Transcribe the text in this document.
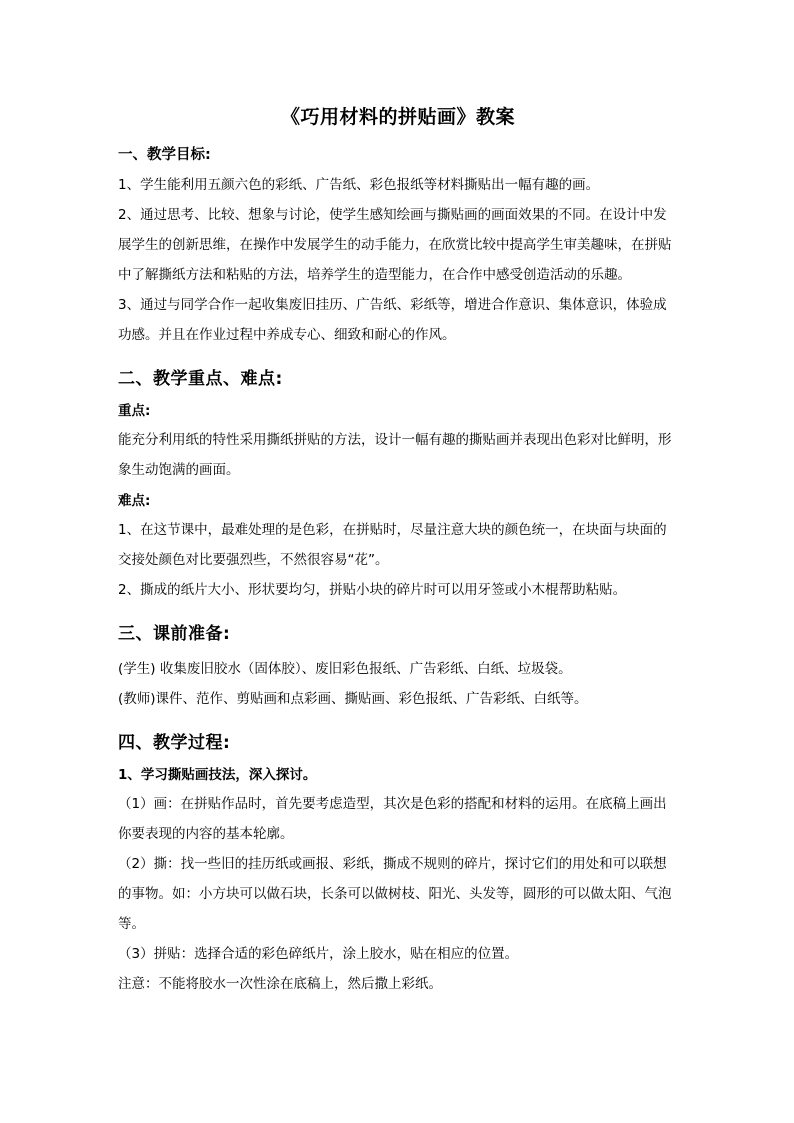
《巧用材料的拼贴画》教案
一、教学目标:

1、学生能利用五颜六色的彩纸、广告纸、彩色报纸等材料撕贴出一幅有趣的画。

2、通过思考、比较、想象与讨论，使学生感知绘画与撕贴画的画面效果的不同。在设计中发展学生的创新思维，在操作中发展学生的动手能力，在欣赏比较中提高学生审美趣味，在拼贴中了解撕纸方法和粘贴的方法，培养学生的造型能力，在合作中感受创造活动的乐趣。

3、通过与同学合作一起收集废旧挂历、广告纸、彩纸等，增进合作意识、集体意识，体验成功感。并且在作业过程中养成专心、细致和耐心的作风。

二、教学重点、难点:
重点:

能充分利用纸的特性采用撕纸拼贴的方法，设计一幅有趣的撕贴画并表现出色彩对比鲜明，形象生动饱满的画面。

难点:

1、在这节课中，最难处理的是色彩，在拼贴时，尽量注意大块的颜色统一，在块面与块面的交接处颜色对比要强烈些，不然很容易“花”。

2、撕成的纸片大小、形状要均匀，拼贴小块的碎片时可以用牙签或小木棍帮助粘贴。

三、课前准备:

(学生) 收集废旧胶水（固体胶）、废旧彩色报纸、广告彩纸、白纸、垃圾袋。

(教师)课件、范作、剪贴画和点彩画、撕贴画、彩色报纸、广告彩纸、白纸等。

四、教学过程:
1、学习撕贴画技法，深入探讨。

（1）画：在拼贴作品时，首先要考虑造型，其次是色彩的搭配和材料的运用。在底稿上画出你要表现的内容的基本轮廓。

（2）撕：找一些旧的挂历纸或画报、彩纸，撕成不规则的碎片，探讨它们的用处和可以联想的事物。如：小方块可以做石块，长条可以做树枝、阳光、头发等，圆形的可以做太阳、气泡等。

（3）拼贴：选择合适的彩色碎纸片，涂上胶水，贴在相应的位置。

注意：不能将胶水一次性涂在底稿上，然后撒上彩纸。
